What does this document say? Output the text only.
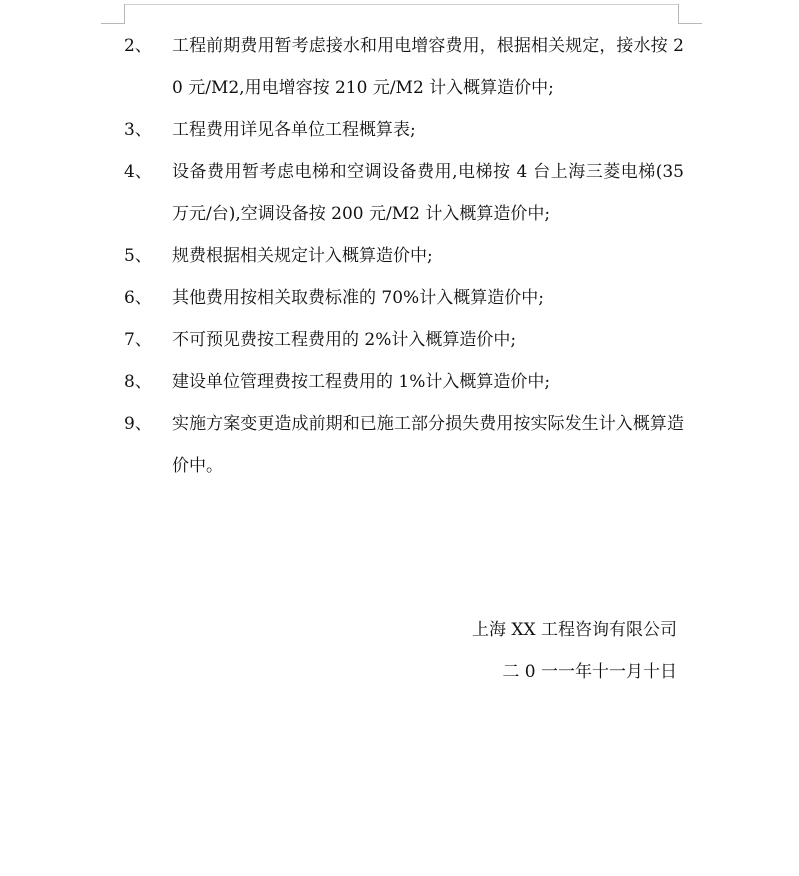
2、	工程前期费用暂考虑接水和用电增容费用，根据相关规定，接水按 20 元/M2,用电增容按 210 元/M2 计入概算造价中;
3、	工程费用详见各单位工程概算表;
4、	设备费用暂考虑电梯和空调设备费用,电梯按 4 台上海三菱电梯(35 万元/台),空调设备按 200 元/M2 计入概算造价中;
5、	规费根据相关规定计入概算造价中;
6、	其他费用按相关取费标准的 70%计入概算造价中;
7、	不可预见费按工程费用的 2%计入概算造价中;
8、	建设单位管理费按工程费用的 1%计入概算造价中;
9、	实施方案变更造成前期和已施工部分损失费用按实际发生计入概算造价中。
上海 XX 工程咨询有限公司
二 0 一一年十一月十日
